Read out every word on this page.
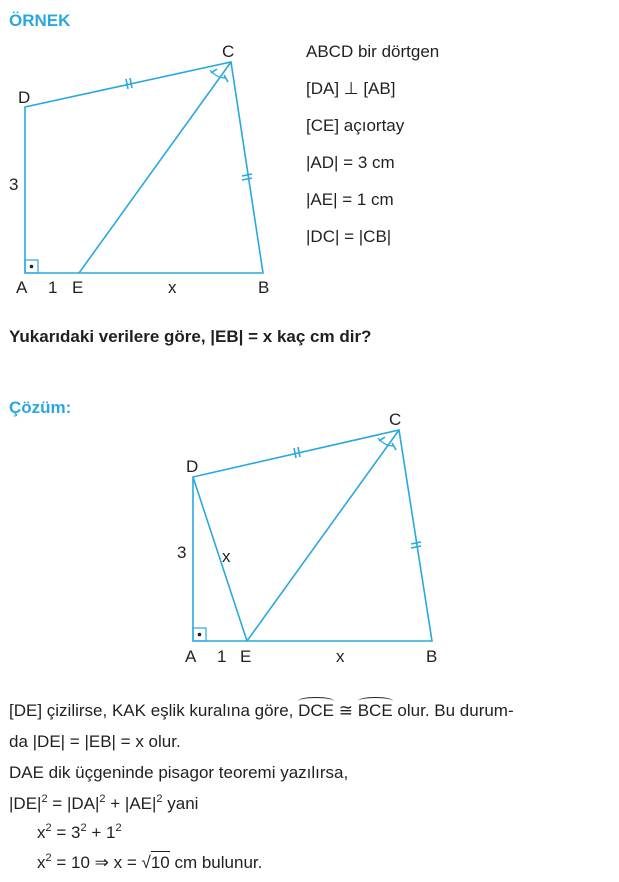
ÖRNEK
C
D
3
A 1 E	x	B
ABCD bir dörtgen
[DA] ⊥ [AB]
[CE] açıortay
|AD| = 3 cm
|AE| = 1 cm
|DC| = |CB|
Yukarıdaki verilere göre, |EB| = x kaç cm dir?
Çözüm:
C
D
3 x
A 1 E	x	B
[DE] çizilirse, KAK eşlik kuralına göre, DCE ≅ BCE olur. Bu durum-
da |DE| = |EB| = x olur.
DAE dik üçgeninde pisagor teoremi yazılırsa,
$|DE|^2 = |DA|^2 + |AE|^2$ yani
$x^2 = 3^2 + 1^2$
$x^2 = 10$ ⇒ x = √10 cm bulunur.
